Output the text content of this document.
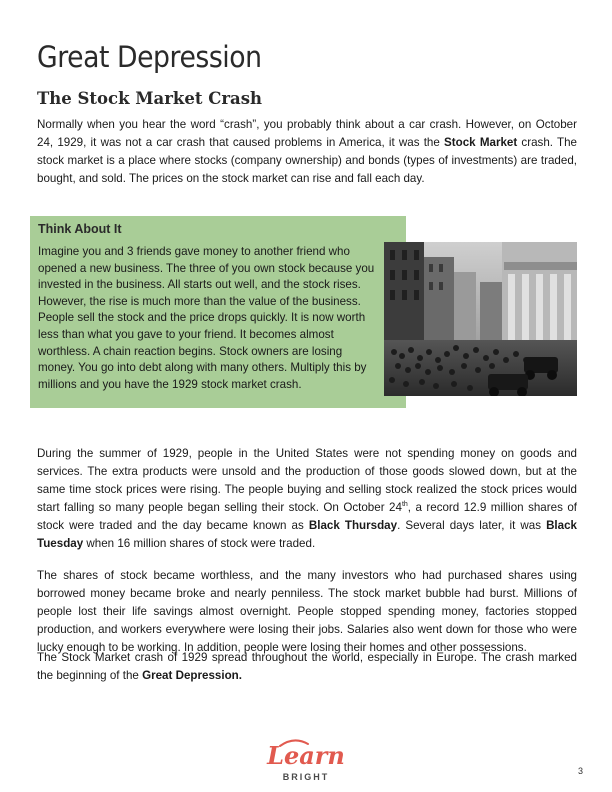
Great Depression
The Stock Market Crash

Normally when you hear the word “crash”, you probably think about a car crash. However, on October 24, 1929, it was not a car crash that caused problems in America, it was the Stock Market crash. The stock market is a place where stocks (company ownership) and bonds (types of investments) are traded, bought, and sold. The prices on the stock market can rise and fall each day.

Think About It
Imagine you and 3 friends gave money to another friend who
opened a new business. The three of you own stock because you
invested in the business. All starts out well, and the stock rises.
However, the rise is much more than the value of the business.
People sell the stock and the price drops quickly. It is now worth
less than what you gave to your friend. It becomes almost
worthless. A chain reaction begins. Stock owners are losing
money. You go into debt along with many others. Multiply this by
millions and you have the 1929 stock market crash.

During the summer of 1929, people in the United States were not spending money on goods and services. The extra products were unsold and the production of those goods slowed down, but at the same time stock prices were rising. The people buying and selling stock realized the stock prices would start falling so many people began selling their stock. On October 24th, a record 12.9 million shares of stock were traded and the day became known as Black Thursday. Several days later, it was Black Tuesday when 16 million shares of stock were traded.

The shares of stock became worthless, and the many investors who had purchased shares using borrowed money became broke and nearly penniless. The stock market bubble had burst. Millions of people lost their life savings almost overnight. People stopped spending money, factories stopped production, and workers everywhere were losing their jobs. Salaries also went down for those who were lucky enough to be working. In addition, people were losing their homes and other possessions.

The Stock Market crash of 1929 spread throughout the world, especially in Europe. The crash marked the beginning of the Great Depression.

Learn
BRIGHT
3
